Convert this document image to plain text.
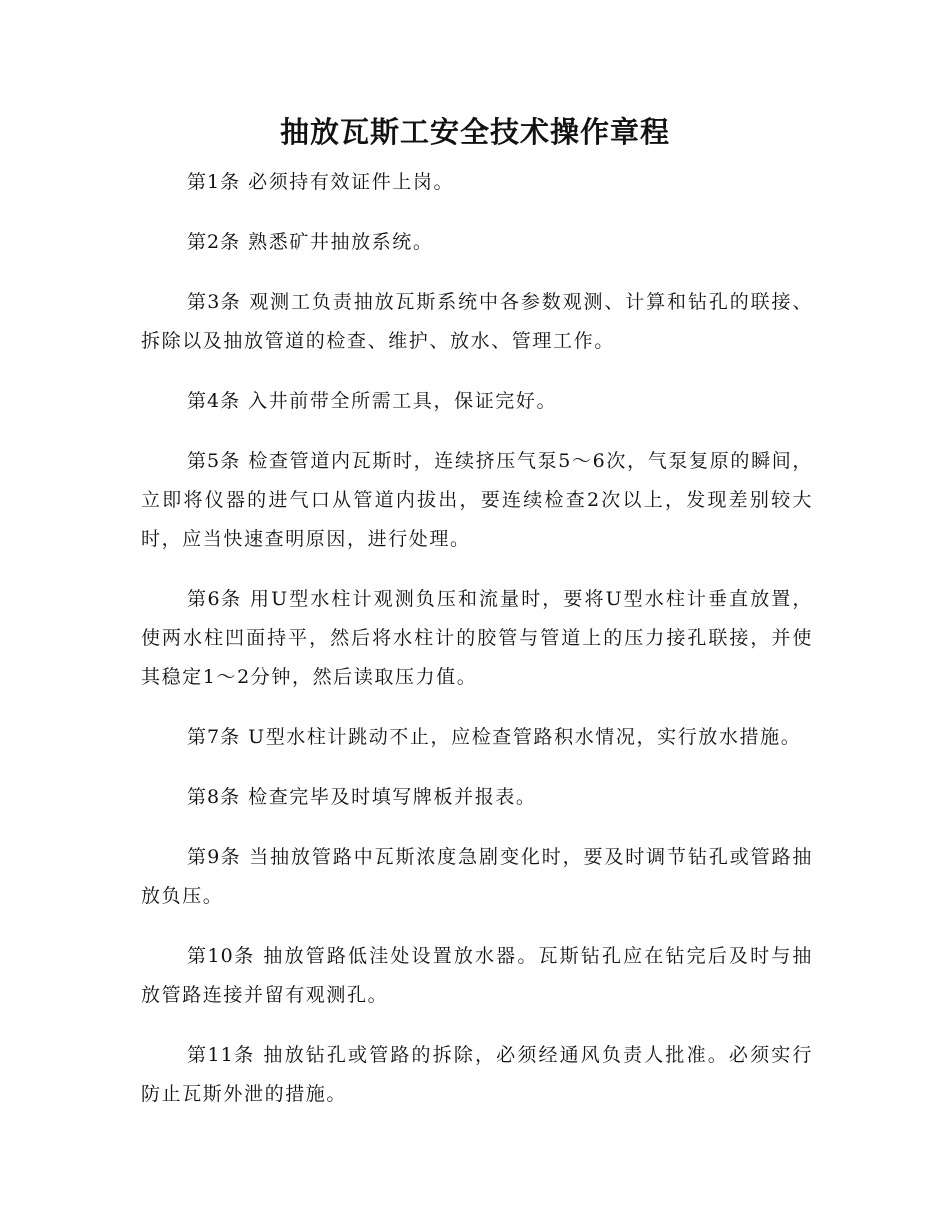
抽放瓦斯工安全技术操作章程

第1条 必须持有效证件上岗。

第2条 熟悉矿井抽放系统。

第3条 观测工负责抽放瓦斯系统中各参数观测、计算和钻孔的联接、拆除以及抽放管道的检查、维护、放水、管理工作。

第4条 入井前带全所需工具，保证完好。

第5条 检查管道内瓦斯时，连续挤压气泵5～6次，气泵复原的瞬间，立即将仪器的进气口从管道内拔出，要连续检查2次以上，发现差别较大时，应当快速查明原因，进行处理。

第6条 用U型水柱计观测负压和流量时，要将U型水柱计垂直放置，使两水柱凹面持平，然后将水柱计的胶管与管道上的压力接孔联接，并使其稳定1～2分钟，然后读取压力值。

第7条 U型水柱计跳动不止，应检查管路积水情况，实行放水措施。

第8条 检查完毕及时填写牌板并报表。

第9条 当抽放管路中瓦斯浓度急剧变化时，要及时调节钻孔或管路抽放负压。

第10条 抽放管路低洼处设置放水器。瓦斯钻孔应在钻完后及时与抽放管路连接并留有观测孔。

第11条 抽放钻孔或管路的拆除，必须经通风负责人批准。必须实行防止瓦斯外泄的措施。
